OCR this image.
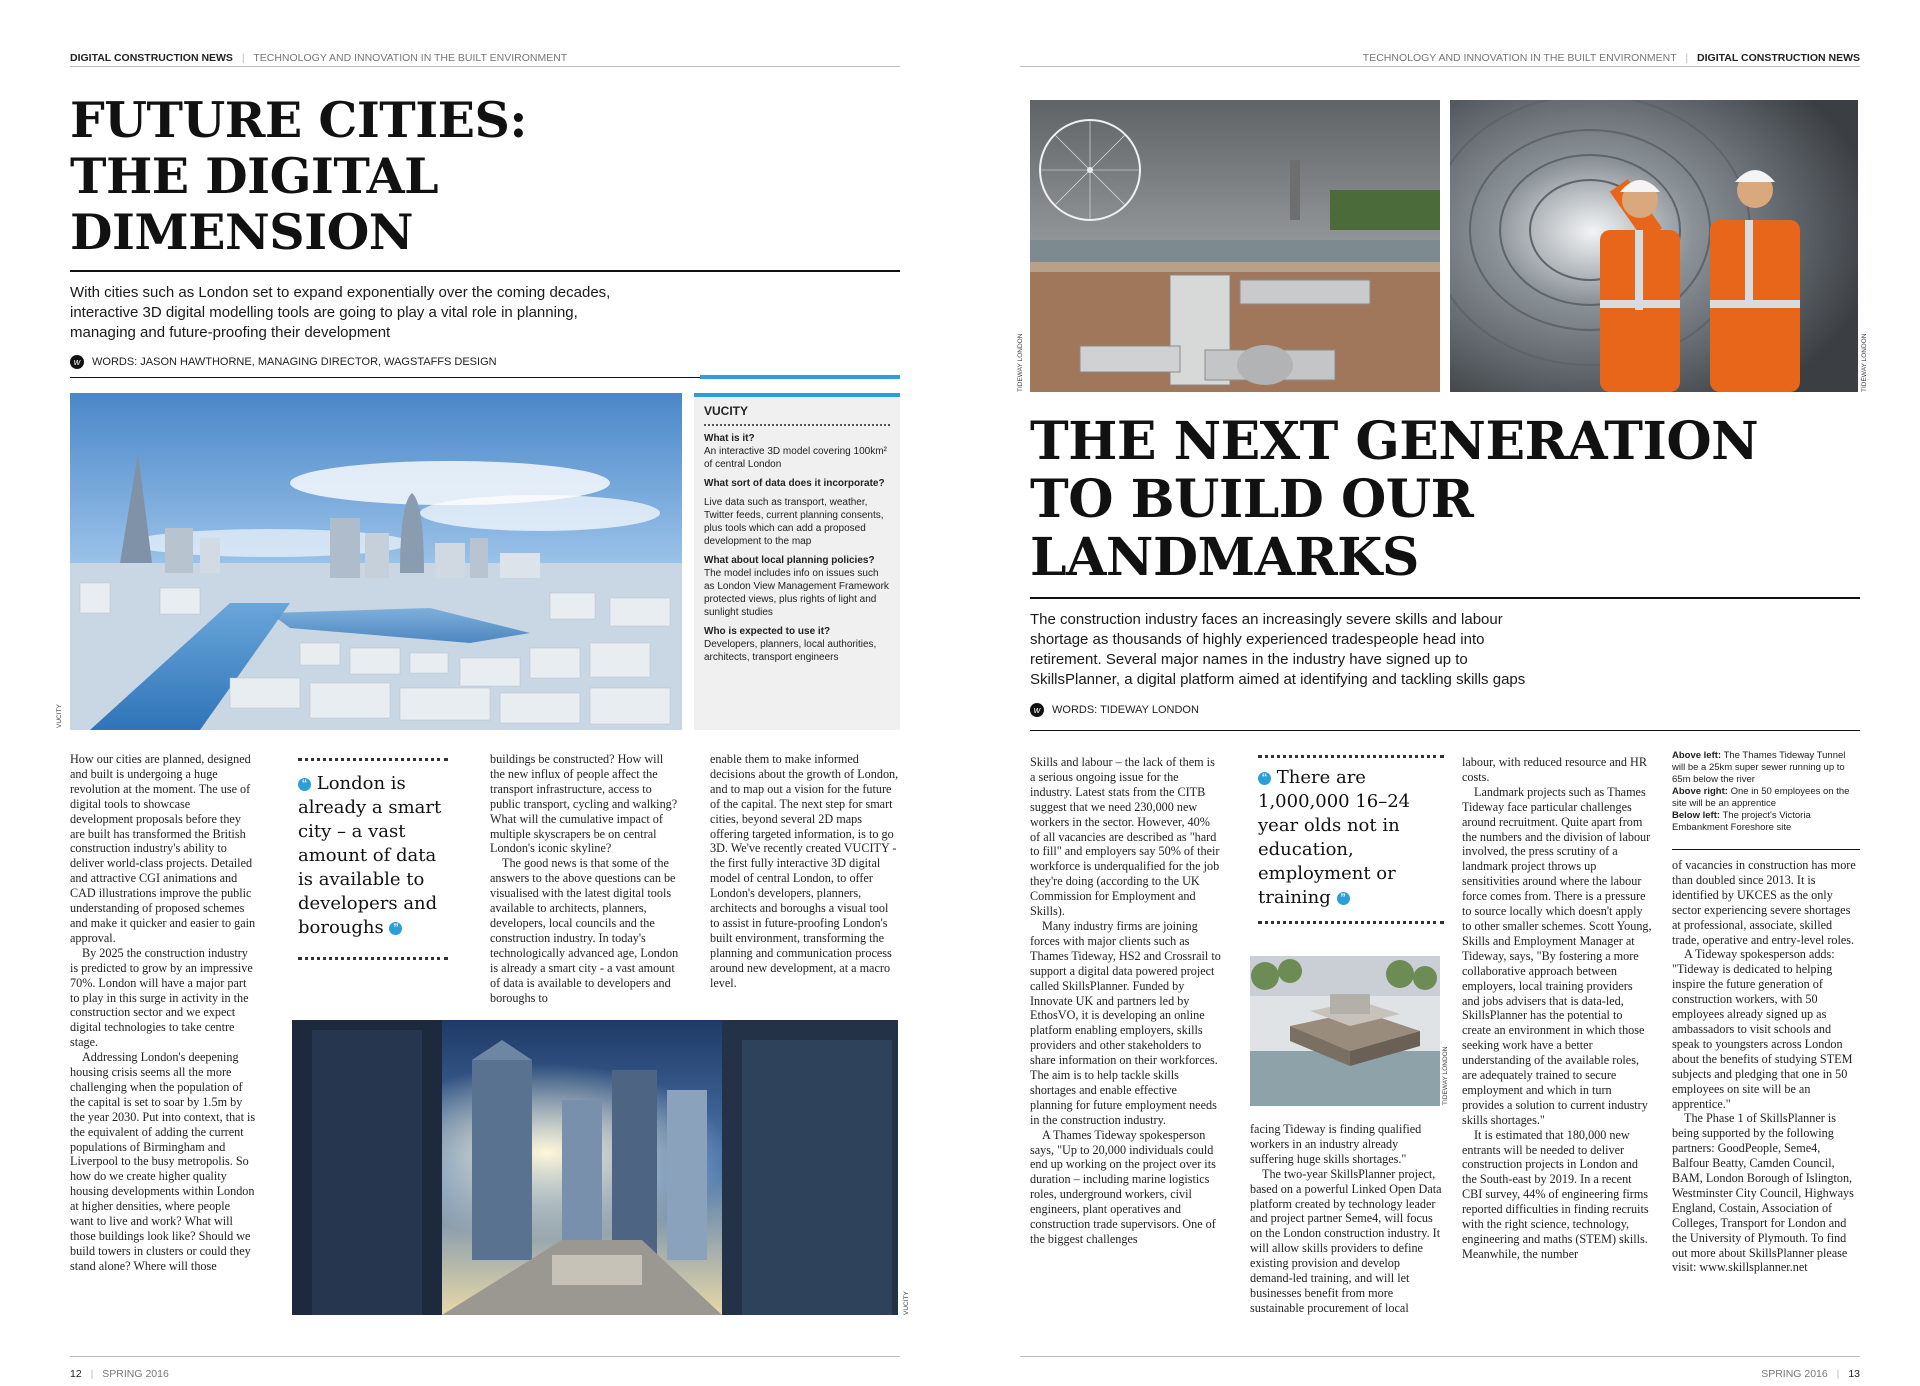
DIGITAL CONSTRUCTION NEWS | TECHNOLOGY AND INNOVATION IN THE BUILT ENVIRONMENT	TECHNOLOGY AND INNOVATION IN THE BUILT ENVIRONMENT | DIGITAL CONSTRUCTION NEWS
FUTURE CITIES:
THE DIGITAL
DIMENSION
With cities such as London set to expand exponentially over the coming decades,
interactive 3D digital modelling tools are going to play a vital role in planning,
managing and future-proofing their development
w	WORDS: JASON HAWTHORNE, MANAGING DIRECTOR, WAGSTAFFS DESIGN
VUCITY
VUCITY
What is it?
An interactive 3D model covering 100km² of central London
What sort of data does it incorporate?
Live data such as transport, weather, Twitter feeds, current planning consents, plus tools which can add a proposed development to the map
What about local planning policies?
The model includes info on issues such as London View Management Framework protected views, plus rights of light and sunlight studies
Who is expected to use it?
Developers, planners, local authorities, architects, transport engineers

How our cities are planned, designed and built is undergoing a huge revolution at the moment. The use of digital tools to showcase development proposals before they are built has transformed the British construction industry's ability to deliver world-class projects. Detailed and attractive CGI animations and CAD illustrations improve the public understanding of proposed schemes and make it quicker and easier to gain approval.

By 2025 the construction industry is predicted to grow by an impressive 70%. London will have a major part to play in this surge in activity in the construction sector and we expect digital technologies to take centre stage.

Addressing London's deepening housing crisis seems all the more challenging when the population of the capital is set to soar by 1.5m by the year 2030. Put into context, that is the equivalent of adding the current populations of Birmingham and Liverpool to the busy metropolis. So how do we create higher quality housing developments within London at higher densities, where people want to live and work? What will those buildings look like? Should we build towers in clusters or could they stand alone? Where will those

“ London is already a smart city – a vast amount of data is available to developers and boroughs ”

buildings be constructed? How will the new influx of people affect the transport infrastructure, access to public transport, cycling and walking? What will the cumulative impact of multiple skyscrapers be on central London's iconic skyline?

The good news is that some of the answers to the above questions can be visualised with the latest digital tools available to architects, planners, developers, local councils and the construction industry. In today's technologically advanced age, London is already a smart city - a vast amount of data is available to developers and boroughs to

enable them to make informed decisions about the growth of London, and to map out a vision for the future of the capital. The next step for smart cities, beyond several 2D maps offering targeted information, is to go 3D. We've recently created VUCITY - the first fully interactive 3D digital model of central London, to offer London's developers, planners, architects and boroughs a visual tool to assist in future-proofing London's built environment, transforming the planning and communication process around new development, at a macro level.

VUCITY
TIDEWAY LONDON	TIDEWAY LONDON
THE NEXT GENERATION
TO BUILD OUR
LANDMARKS
The construction industry faces an increasingly severe skills and labour
shortage as thousands of highly experienced tradespeople head into
retirement. Several major names in the industry have signed up to
SkillsPlanner, a digital platform aimed at identifying and tackling skills gaps
w	WORDS: TIDEWAY LONDON

Skills and labour – the lack of them is a serious ongoing issue for the industry. Latest stats from the CITB suggest that we need 230,000 new workers in the sector. However, 40% of all vacancies are described as "hard to fill" and employers say 50% of their workforce is underqualified for the job they're doing (according to the UK Commission for Employment and Skills).

Many industry firms are joining forces with major clients such as Thames Tideway, HS2 and Crossrail to support a digital data powered project called SkillsPlanner. Funded by Innovate UK and partners led by EthosVO, it is developing an online platform enabling employers, skills providers and other stakeholders to share information on their workforces. The aim is to help tackle skills shortages and enable effective planning for future employment needs in the construction industry.

A Thames Tideway spokesperson says, "Up to 20,000 individuals could end up working on the project over its duration – including marine logistics roles, underground workers, civil engineers, plant operatives and construction trade supervisors. One of the biggest challenges

“ There are 1,000,000 16–24 year olds not in education, employment or training ”
TIDEWAY LONDON

facing Tideway is finding qualified workers in an industry already suffering huge skills shortages."

The two-year SkillsPlanner project, based on a powerful Linked Open Data platform created by technology leader and project partner Seme4, will focus on the London construction industry. It will allow skills providers to define existing provision and develop demand-led training, and will let businesses benefit from more sustainable procurement of local

labour, with reduced resource and HR costs.

Landmark projects such as Thames Tideway face particular challenges around recruitment. Quite apart from the numbers and the division of labour involved, the press scrutiny of a landmark project throws up sensitivities around where the labour force comes from. There is a pressure to source locally which doesn't apply to other smaller schemes. Scott Young, Skills and Employment Manager at Tideway, says, "By fostering a more collaborative approach between employers, local training providers and jobs advisers that is data-led, SkillsPlanner has the potential to create an environment in which those seeking work have a better understanding of the available roles, are adequately trained to secure employment and which in turn provides a solution to current industry skills shortages."

It is estimated that 180,000 new entrants will be needed to deliver construction projects in London and the South-east by 2019. In a recent CBI survey, 44% of engineering firms reported difficulties in finding recruits with the right science, technology, engineering and maths (STEM) skills. Meanwhile, the number

Above left: The Thames Tideway Tunnel will be a 25km super sewer running up to 65m below the river
Above right: One in 50 employees on the site will be an apprentice
Below left: The project's Victoria Embankment Foreshore site

of vacancies in construction has more than doubled since 2013. It is identified by UKCES as the only sector experiencing severe shortages at professional, associate, skilled trade, operative and entry-level roles.

A Tideway spokesperson adds: "Tideway is dedicated to helping inspire the future generation of construction workers, with 50 employees already signed up as ambassadors to visit schools and speak to youngsters across London about the benefits of studying STEM subjects and pledging that one in 50 employees on site will be an apprentice."

The Phase 1 of SkillsPlanner is being supported by the following partners: GoodPeople, Seme4, Balfour Beatty, Camden Council, BAM, London Borough of Islington, Westminster City Council, Highways England, Costain, Association of Colleges, Transport for London and the University of Plymouth. To find out more about SkillsPlanner please visit: www.skillsplanner.net

12 | SPRING 2016	SPRING 2016 | 13
